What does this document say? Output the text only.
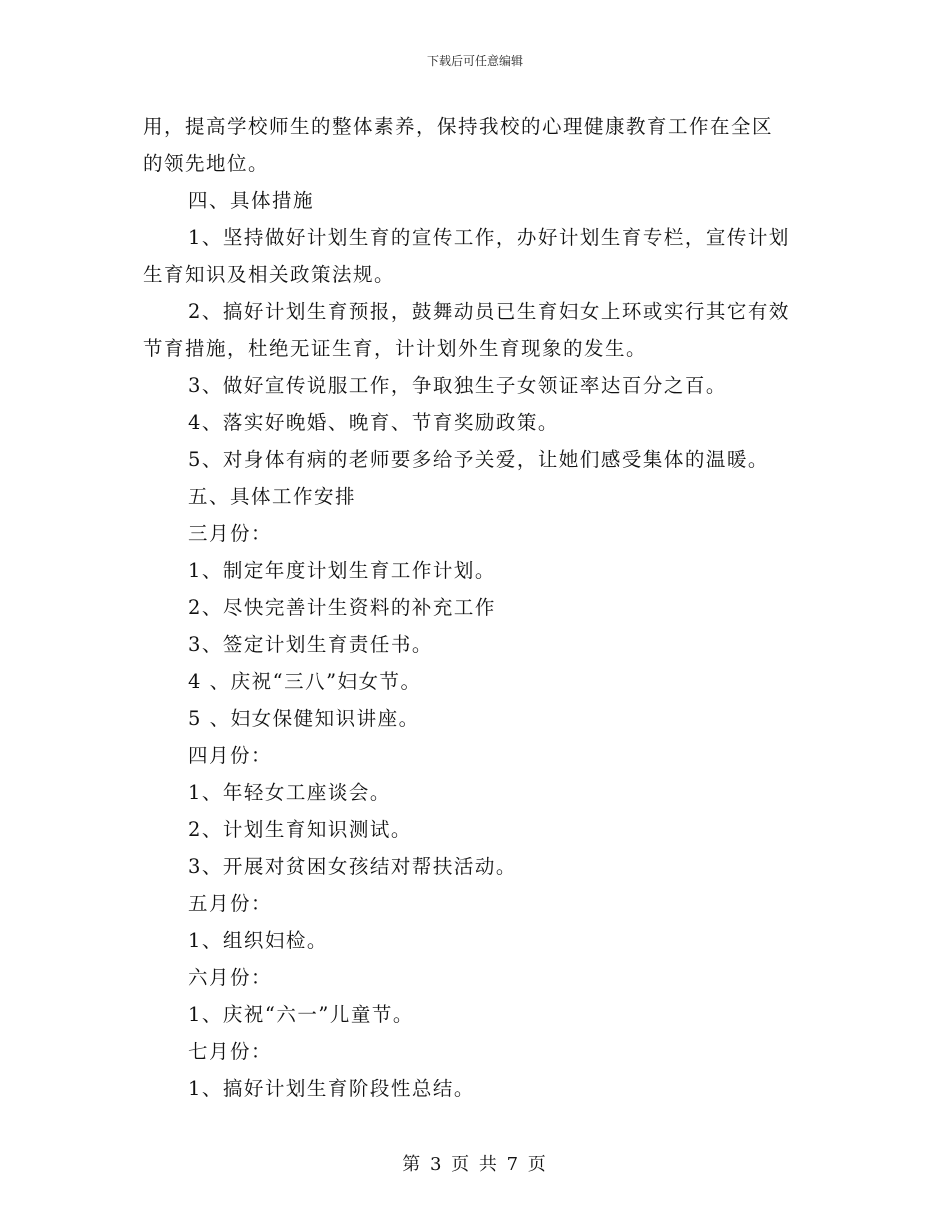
下载后可任意编辑
用，提高学校师生的整体素养，保持我校的心理健康教育工作在全区
的领先地位。
四、具体措施
1、坚持做好计划生育的宣传工作，办好计划生育专栏，宣传计划
生育知识及相关政策法规。
2、搞好计划生育预报，鼓舞动员已生育妇女上环或实行其它有效
节育措施，杜绝无证生育，计计划外生育现象的发生。
3、做好宣传说服工作，争取独生子女领证率达百分之百。
4、落实好晚婚、晚育、节育奖励政策。
5、对身体有病的老师要多给予关爱，让她们感受集体的温暖。
五、具体工作安排
三月份：
1、制定年度计划生育工作计划。
2、尽快完善计生资料的补充工作
3、签定计划生育责任书。
4 、庆祝“三八”妇女节。
5 、妇女保健知识讲座。
四月份：
1、年轻女工座谈会。
2、计划生育知识测试。
3、开展对贫困女孩结对帮扶活动。
五月份：
1、组织妇检。
六月份：
1、庆祝“六一”儿童节。
七月份：
1、搞好计划生育阶段性总结。
第 3 页 共 7 页
